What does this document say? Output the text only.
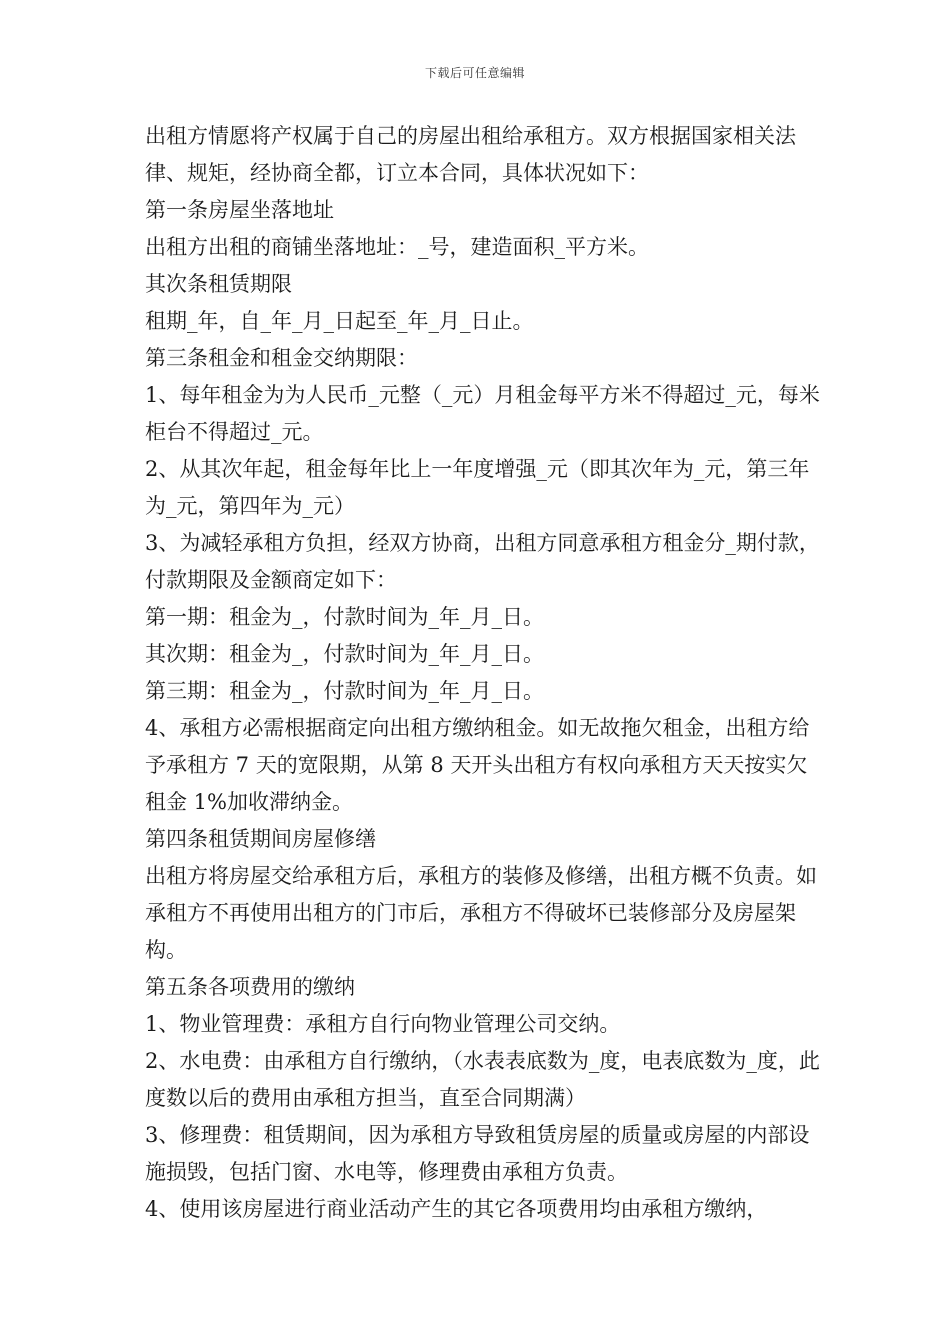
下载后可任意编辑

出租方情愿将产权属于自己的房屋出租给承租方。双方根据国家相关法律、规矩，经协商全都，订立本合同，具体状况如下：

第一条房屋坐落地址

出租方出租的商铺坐落地址：_号，建造面积_平方米。

其次条租赁期限

租期_年，自_年_月_日起至_年_月_日止。

第三条租金和租金交纳期限：

1、每年租金为为人民币_元整（_元）月租金每平方米不得超过_元，每米柜台不得超过_元。

2、从其次年起，租金每年比上一年度增强_元（即其次年为_元，第三年为_元，第四年为_元）

3、为减轻承租方负担，经双方协商，出租方同意承租方租金分_期付款，付款期限及金额商定如下：

第一期：租金为_，付款时间为_年_月_日。

其次期：租金为_，付款时间为_年_月_日。

第三期：租金为_，付款时间为_年_月_日。

4、承租方必需根据商定向出租方缴纳租金。如无故拖欠租金，出租方给予承租方 7 天的宽限期，从第 8 天开头出租方有权向承租方天天按实欠租金 1%加收滞纳金。

第四条租赁期间房屋修缮

出租方将房屋交给承租方后，承租方的装修及修缮，出租方概不负责。如承租方不再使用出租方的门市后，承租方不得破坏已装修部分及房屋架构。

第五条各项费用的缴纳

1、物业管理费：承租方自行向物业管理公司交纳。

2、水电费：由承租方自行缴纳，（水表表底数为_度，电表底数为_度，此度数以后的费用由承租方担当，直至合同期满）

3、修理费：租赁期间，因为承租方导致租赁房屋的质量或房屋的内部设施损毁，包括门窗、水电等，修理费由承租方负责。

4、使用该房屋进行商业活动产生的其它各项费用均由承租方缴纳，
